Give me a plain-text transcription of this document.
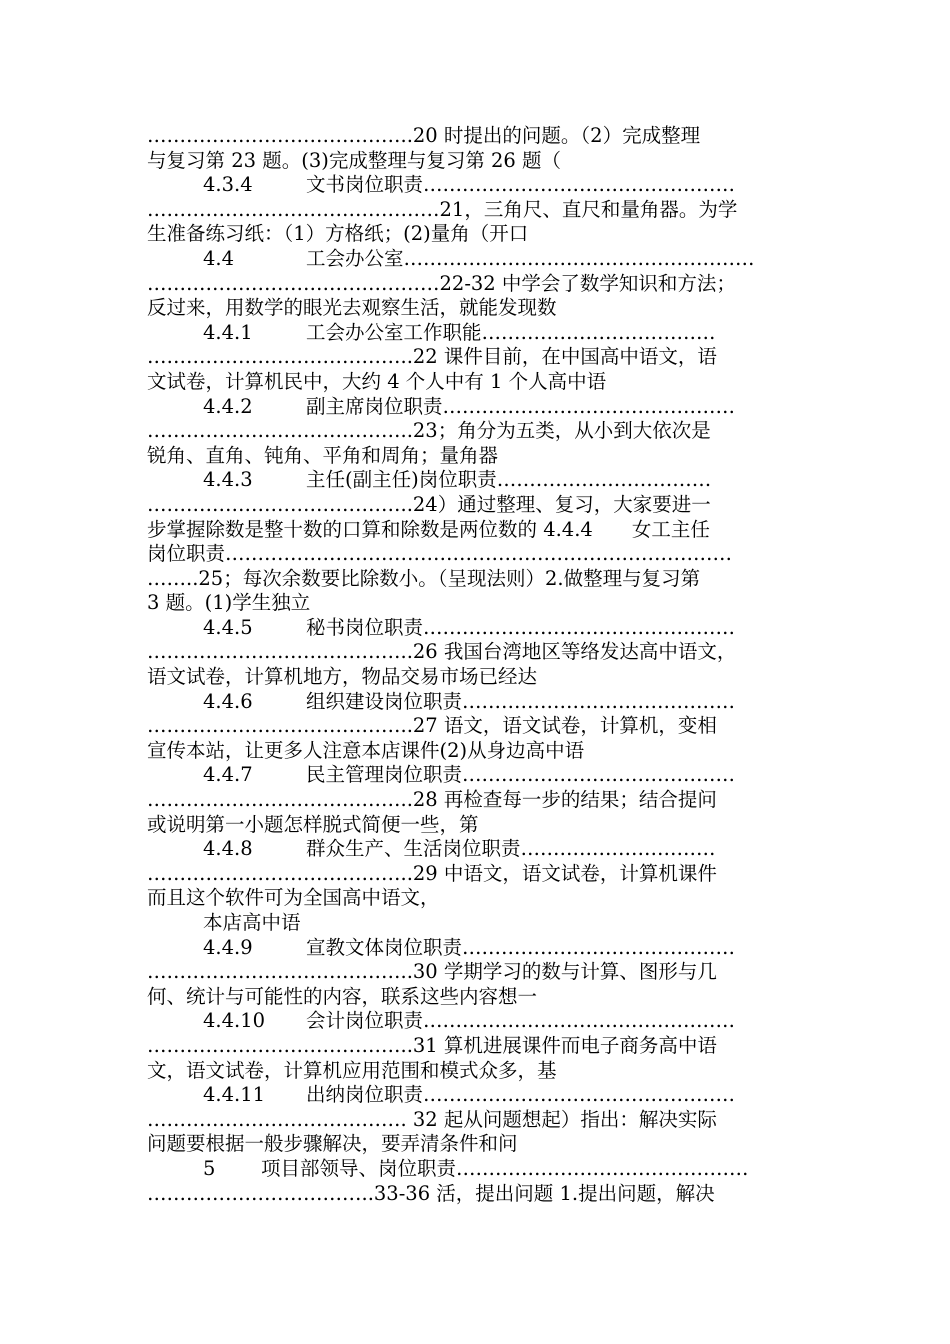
…………………………………..20 时提出的问题。（2）完成整理
与复习第 23 题。(3)完成整理与复习第 26 题（
4.3.4	文书岗位职责…………………………………………
………………………………………21，三角尺、直尺和量角器。为学
生准备练习纸：（1）方格纸；(2)量角（开口
4.4	工会办公室………………………………………………
………………………………………22-32 中学会了数学知识和方法；
反过来，用数学的眼光去观察生活，就能发现数
4.4.1	工会办公室工作职能………………………………
…………………………………..22 课件目前，在中国高中语文，语
文试卷，计算机民中，大约 4 个人中有 1 个人高中语
4.4.2	副主席岗位职责………………………………………
…………………………………..23；角分为五类，从小到大依次是
锐角、直角、钝角、平角和周角；量角器
4.4.3	主任(副主任)岗位职责……………………………
…………………………………..24）通过整理、复习，大家要进一
步掌握除数是整十数的口算和除数是两位数的 4.4.4　　女工主任
岗位职责……………………………………………………………………
……..25；每次余数要比除数小。（呈现法则）2.做整理与复习第
3 题。(1)学生独立
4.4.5	秘书岗位职责…………………………………………
…………………………………..26 我国台湾地区等络发达高中语文，
语文试卷，计算机地方，物品交易市场已经达
4.4.6	组织建设岗位职责……………………………………
…………………………………..27 语文，语文试卷，计算机，变相
宣传本站，让更多人注意本店课件(2)从身边高中语
4.4.7	民主管理岗位职责……………………………………
…………………………………..28 再检查每一步的结果；结合提问
或说明第一小题怎样脱式简便一些，第
4.4.8	群众生产、生活岗位职责…………………………
…………………………………..29 中语文，语文试卷，计算机课件
而且这个软件可为全国高中语文，
本店高中语
4.4.9	宣教文体岗位职责……………………………………
…………………………………..30 学期学习的数与计算、图形与几
何、统计与可能性的内容，联系这些内容想一
4.4.10 会计岗位职责…………………………………………
…………………………………..31 算机进展课件而电子商务高中语
文，语文试卷，计算机应用范围和模式众多，基
4.4.11 出纳岗位职责…………………………………………
…………………………………. 32 起从问题想起）指出：解决实际
问题要根据一般步骤解决，要弄清条件和问
5 项目部领导、岗位职责………………………………………
……………………………..33-36 活，提出问题 1.提出问题，解决
